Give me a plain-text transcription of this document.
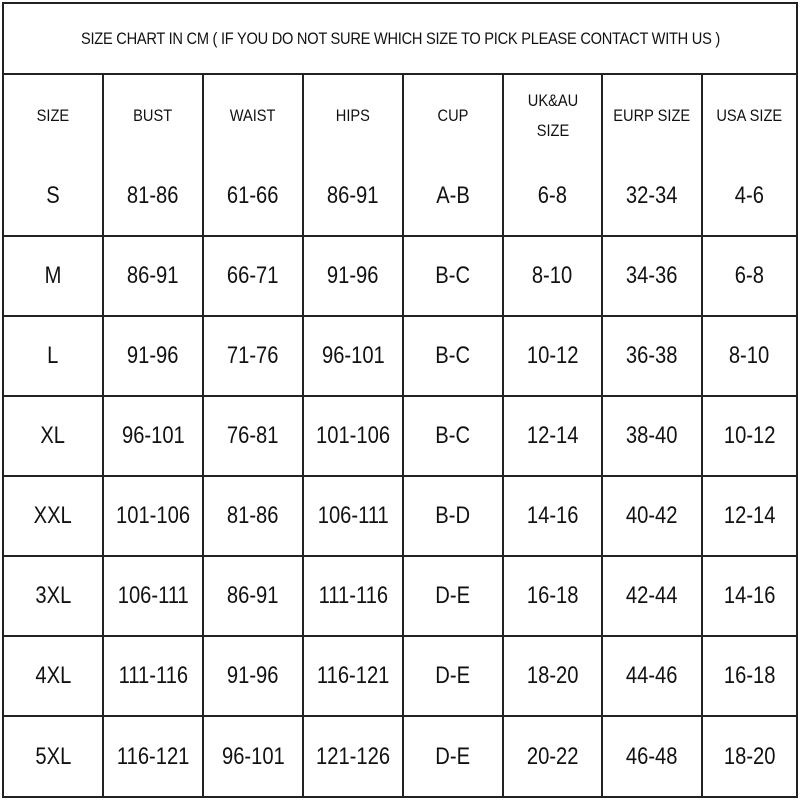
SIZE CHART IN CM ( IF YOU DO NOT SURE WHICH SIZE TO PICK PLEASE CONTACT WITH US )
SIZE	BUST	WAIST	HIPS	CUP	UK&AU SIZE	EURP SIZE	USA SIZE
S	81-86	61-66	86-91	A-B	6-8	32-34	4-6
M	86-91	66-71	91-96	B-C	8-10	34-36	6-8
L	91-96	71-76	96-101	B-C	10-12	36-38	8-10
XL	96-101	76-81	101-106	B-C	12-14	38-40	10-12
XXL	101-106	81-86	106-111	B-D	14-16	40-42	12-14
3XL	106-111	86-91	111-116	D-E	16-18	42-44	14-16
4XL	111-116	91-96	116-121	D-E	18-20	44-46	16-18
5XL	116-121	96-101	121-126	D-E	20-22	46-48	18-20
